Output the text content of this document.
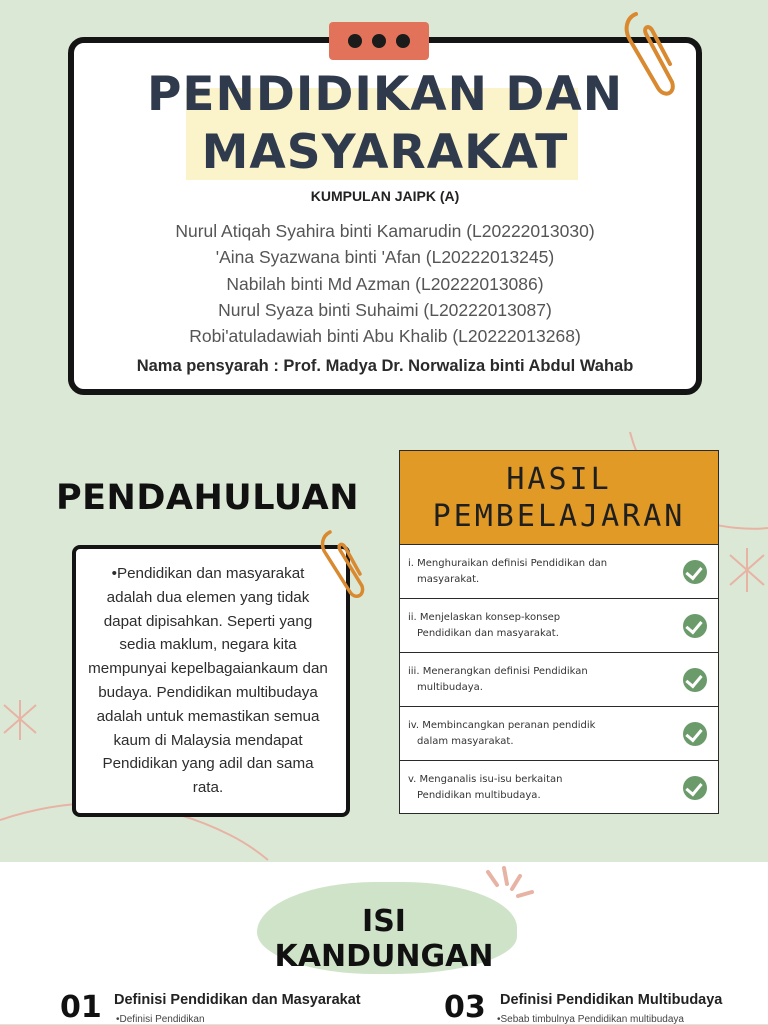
PENDIDIKAN DAN
MASYARAKAT

KUMPULAN JAIPK (A)

Nurul Atiqah Syahira binti Kamarudin (L20222013030)
'Aina Syazwana binti 'Afan (L20222013245)
Nabilah binti Md Azman (L20222013086)
Nurul Syaza binti Suhaimi (L20222013087)
Robi'atuladawiah binti Abu Khalib (L20222013268)

Nama pensyarah : Prof. Madya Dr. Norwaliza binti Abdul Wahab

PENDAHULUAN

•Pendidikan dan masyarakat adalah dua elemen yang tidak dapat dipisahkan. Seperti yang sedia maklum, negara kita mempunyai kepelbagaiankaum dan budaya. Pendidikan multibudaya adalah untuk memastikan semua kaum di Malaysia mendapat Pendidikan yang adil dan sama rata.

HASIL
PEMBELAJARAN

i. Menghuraikan definisi Pendidikan dan
masyarakat.

ii. Menjelaskan konsep-konsep
Pendidikan dan masyarakat.

iii. Menerangkan definisi Pendidikan
multibudaya.

iv. Membincangkan peranan pendidik
dalam masyarakat.

v. Menganalis isu-isu berkaitan
Pendidikan multibudaya.

ISI KANDUNGAN

01 Definisi Pendidikan dan Masyarakat

•Definisi Pendidikan	03 Definisi Pendidikan Multibudaya

•Sebab timbulnya Pendidikan multibudaya
